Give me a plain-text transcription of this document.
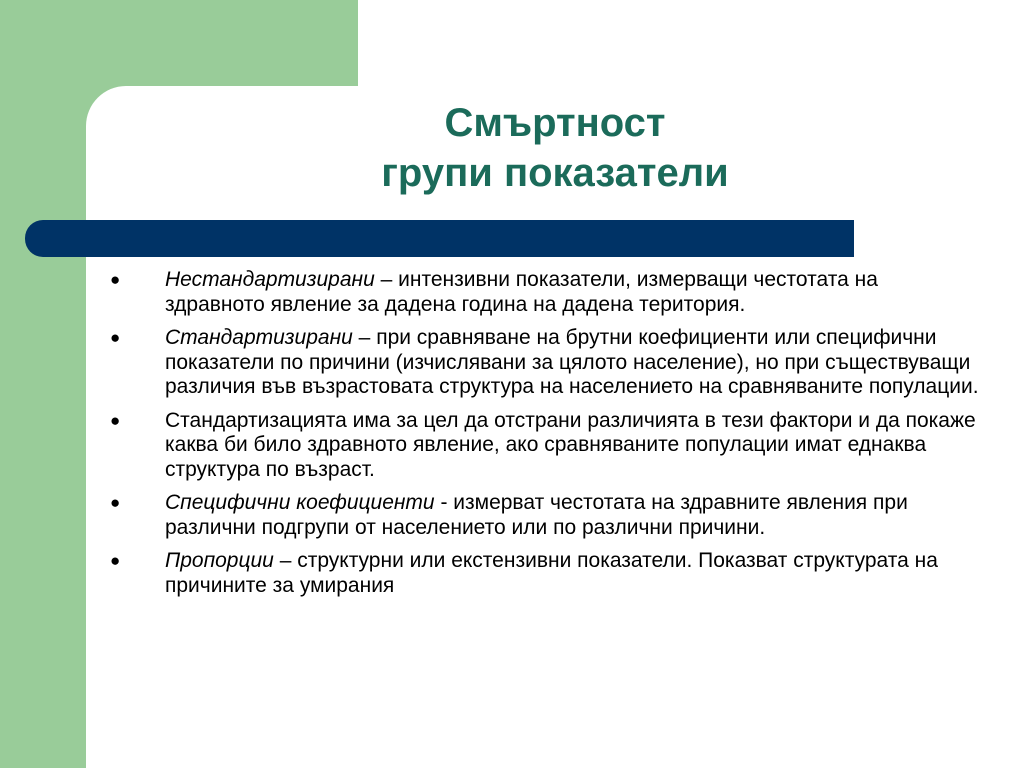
Смъртност
групи показатели
● Нестандартизирани – интензивни показатели, измерващи честотата на здравното явление за дадена година на дадена територия.
● Стандартизирани – при сравняване на брутни коефициенти или специфични показатели по причини (изчислявани за цялото население), но при съществуващи различия във възрастовата структура на населението на сравняваните популации.
● Стандартизацията има за цел да отстрани различията в тези фактори и да покаже каква би било здравното явление, ако сравняваните популации имат еднаква структура по възраст.
● Специфични коефициенти - измерват честотата на здравните явления при различни подгрупи от населението или по различни причини.
● Пропорции – структурни или екстензивни показатели. Показват структурата на причините за умирания
